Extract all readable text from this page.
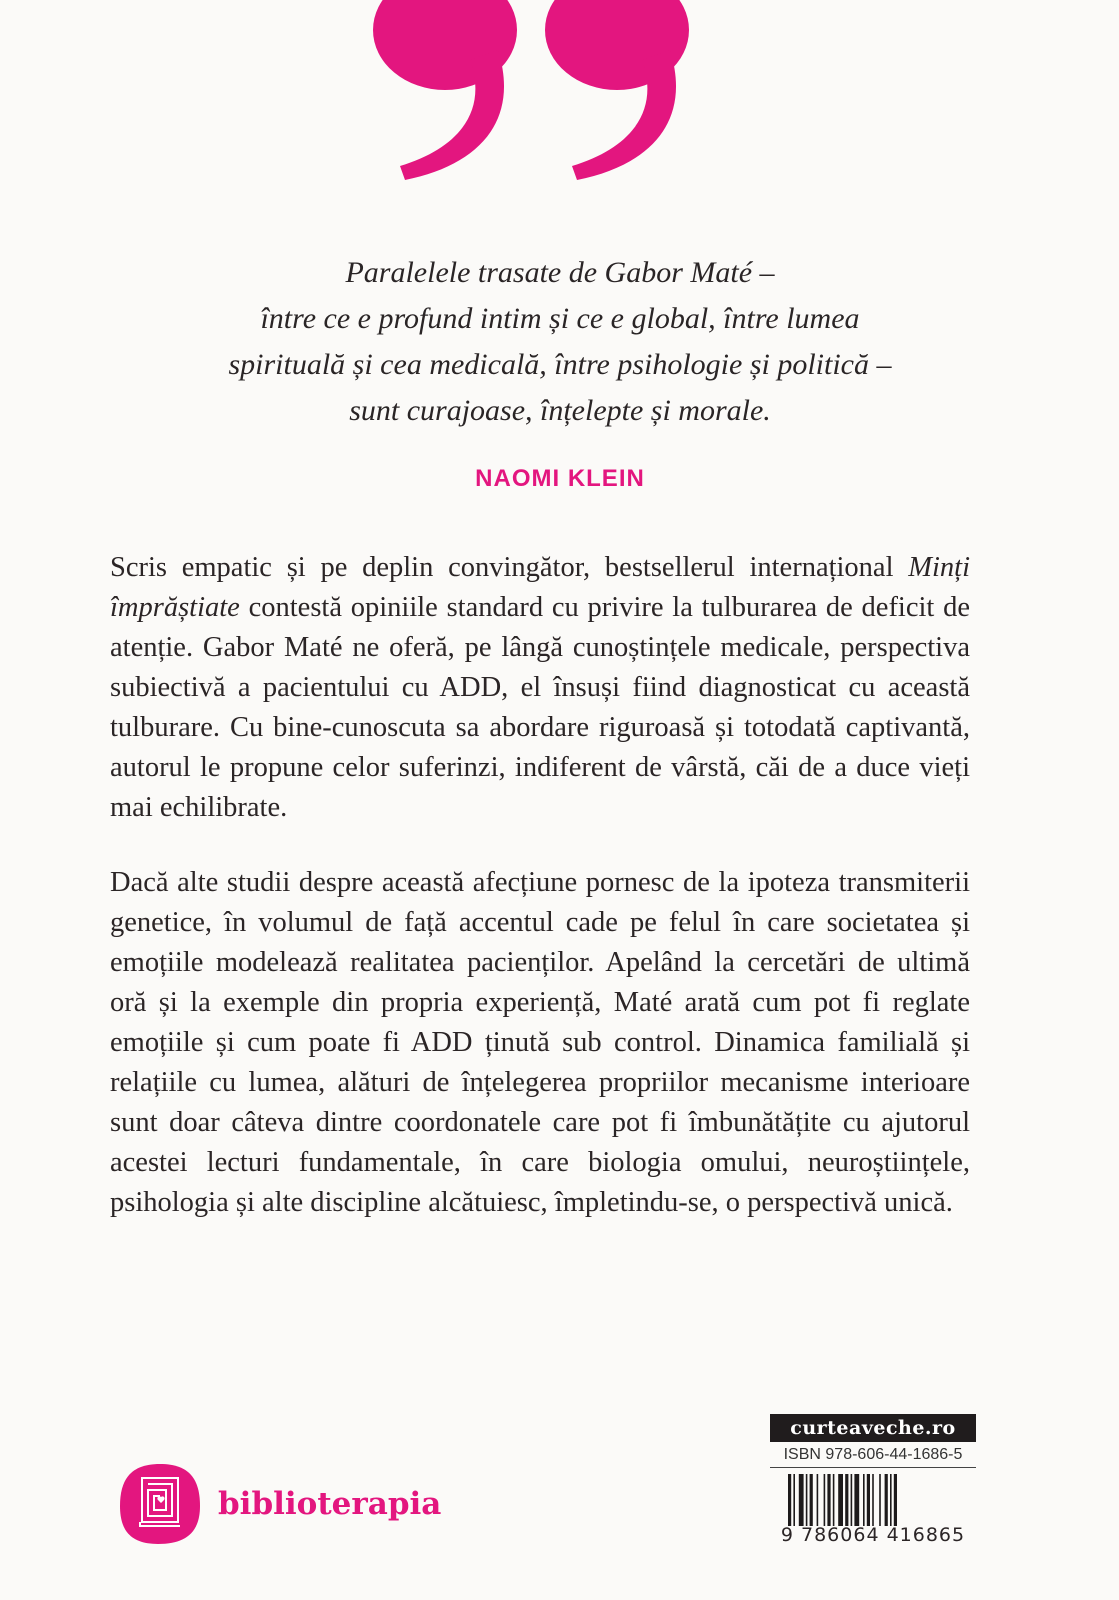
Paralelele trasate de Gabor Maté –
între ce e profund intim și ce e global, între lumea
spirituală și cea medicală, între psihologie și politică –
sunt curajoase, înțelepte și morale.
NAOMI KLEIN

Scris empatic și pe deplin convingător, bestsellerul internațional Minți împrăștiate contestă opiniile standard cu privire la tulburarea de deficit de atenție. Gabor Maté ne oferă, pe lângă cunoștințele medicale, perspectiva subiectivă a pacientului cu ADD, el însuși fiind diagnosticat cu această tulburare. Cu bine-cunoscuta sa abordare riguroasă și totodată captivantă, autorul le propune celor suferinzi, indiferent de vârstă, căi de a duce vieți mai echilibrate.

Dacă alte studii despre această afecțiune pornesc de la ipoteza transmiterii genetice, în volumul de față accentul cade pe felul în care societatea și emoțiile modelează realitatea pacienților. Apelând la cercetări de ultimă oră și la exemple din propria experiență, Maté arată cum pot fi reglate emoțiile și cum poate fi ADD ținută sub control. Dinamica familială și relațiile cu lumea, alături de înțelegerea propriilor mecanisme interioare sunt doar câteva dintre coordonatele care pot fi îmbunătățite cu ajutorul acestei lecturi fundamentale, în care biologia omului, neuroștiințele, psihologia și alte discipline alcătuiesc, împletindu-se, o perspectivă unică.

biblioterapia
curteaveche.ro
ISBN 978-606-44-1686-5
9 786064 416865
